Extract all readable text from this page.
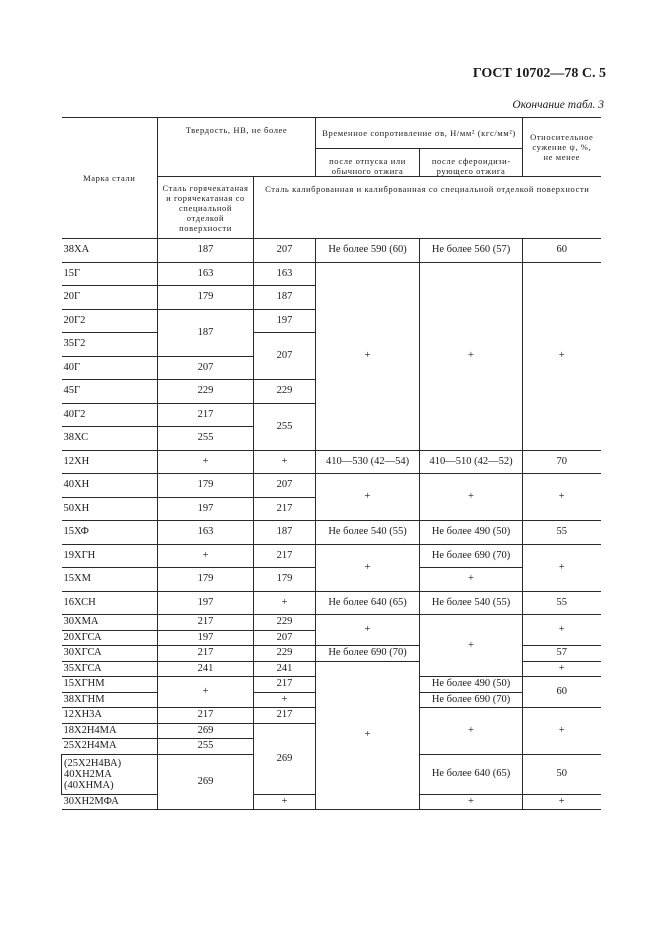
ГОСТ 10702—78 С. 5
Окончание табл. 3
Марка стали	Твердость, НВ, не более		Временное сопротивление σв, Н/мм² (кгс/мм²)		Относительное сужение ψ, %, не менее
			после отпуска или обычного отжига	после сфероидизирующего отжига	
	Сталь горячекатаная и горячекатаная со специальной отделкой поверхности	Сталь калиброванная и калиброванная со специальной отделкой поверхности			
38ХА	187	207	Не более 590 (60)	Не более 560 (57)	60
15Г	163	163	+	+	+
20Г	179	187			
20Г2	187	197			
35Г2		207			
40Г	207				
45Г	229	229			
40Г2	217	255			
38ХС	255				
12ХН	+	+	410—530 (42—54)	410—510 (42—52)	70
40ХН	179	207	+	+	+
50ХН	197	217			
15ХФ	163	187	Не более 540 (55)	Не более 490 (50)	55
19ХГН	+	217	+	Не более 690 (70)	+
15ХМ	179	179		+	
16ХСН	197	+	Не более 640 (65)	Не более 540 (55)	55
30ХМА	217	229	+	+	+
20ХГСА	197	207			
30ХГСА	217	229	Не более 690 (70)		57
35ХГСА	241	241	+		+
15ХГНМ	+	217		Не более 490 (50)	60
38ХГНМ		+		Не более 690 (70)	
12ХН3А	217	217		+	+
18Х2Н4МА	269	269			
25Х2Н4МА	255				
(25Х2Н4ВА) 40ХН2МА (40ХНМА)	269			Не более 640 (65)	50
30ХН2МФА		+		+	+
